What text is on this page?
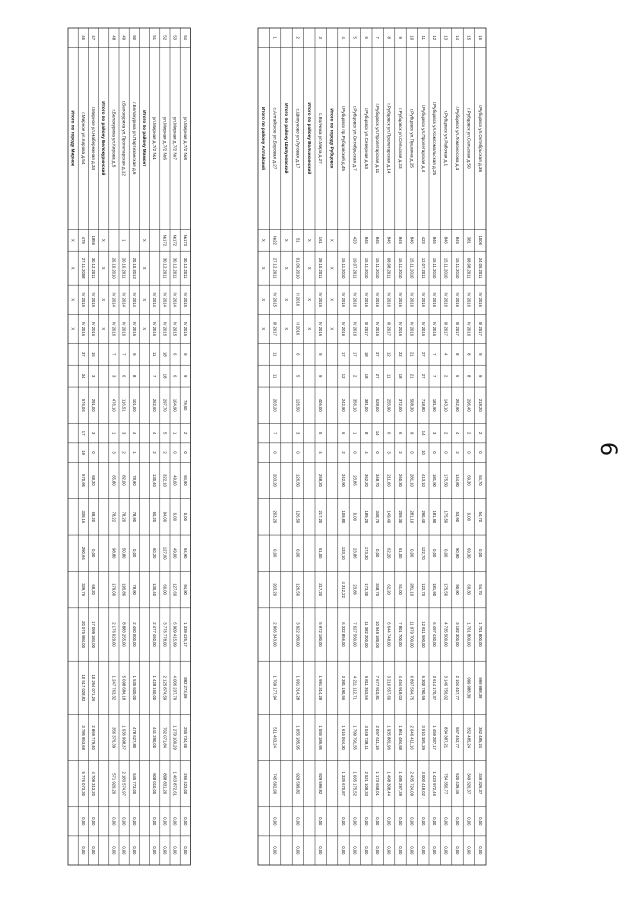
Итого по городу Мирное
X
X
X
X
46
г.Мирное ул.Кирова д.54
479
27.11.2008
IV 2015
IV 2016
37
34
576,06
17
19
570,96
339,16
290,66
339,76
20 075 984,00
10 517 028,82
3 786 953,68
5 776 073,30
0,00
0,00
47
г.Мирное ул.Набережная д.34
1856
30.12.2011
IV 2015
IV 2016
16
3
291,00
3
0
68,20
68,20
0,00
68,20
17 099 184,00
10 264 071,26
2 869 779,40
4 709 313,20
0,00
0,00
Итого по району Белокуринский
X
X
X
X
48
г.Белокуриха ул.Кирова д.5
20.10.2010
IV 2014
IV 2016
7
3
476,10
1
3
65,80
78,22
98,80
179,00
2 176 029,00
1 247 763,32
356 376,39
571 929,20
0,00
0,00
49
г.Белокуриха ул.Пролетарская д.12
1
20.10.2011
IV 2014
IV 2016
7
6
116,51
3
2
82,00
78,20
50,80
195,80
8 883 255,00
5 098 684,18
1 636 998,37
2 183 574,97
0,00
0,00
50
г.Белокуриха ул.Партизанская д.6
20.10.2013
IV 2014
IV 2016
9
8
101,00
4
1
78,90
78,90
0,00
78,90
2 460 000,00
1 535 600,00
478 627,80
545 773,00
0,00
0,00
Итого по району Мамонт
X
X
X
X
51
ул.Мирная д.7/2 №1
IV 2014
IV 2016
11
7
262,60
4
2
130,40
60,20
60,20
130,40
2 477 460,00
1 428 160,00
441 290,00
608 010,00
0,00
0,00
52
ул.Мирная д.7/2 №6
№172
30.12.2011
IV 2014
IV 2015
18
18
297,70
5
2
322,10
94,00
127,60
60,00
3 776 778,00
2 125 874,59
702 071,84
898 831,20
0,00
0,00
53
ул.Мирная д.7/2 №7
№172
30.12.2011
IV 2014
IV 2015
6
6
104,90
1
0
49,00
0,00
49,00
127,60
6 909 415,99
4 006 237,79
1 279 100,29
1 463 872,61
0,00
0,00
54
ул.Мирная д.7/2 №8
№173
30.12.2011
IV 2015
IV 2015
9
9
79,60
2
0
94,90
0,00
94,90
94,90
1 339 425,17
882 273,09
255 734,60
266 423,00
0,00
0,00
Итого по району Алтайский
X
X
X
X
1
с.Алтайское ул.Боровая д.27
№22
27.12.2011
IV 2015
III 2017
11
11
203,20
7
0
203,20
203,20
0,00
203,20
2 966 343,00
1 709 177,94
511 463,24
745 602,00
0,00
0,00
Итого по району Шипуновский
X
X
X
X
2
с.Шипуново ул.Луговая д.17
51
01.06.2010
II 2016
II 2016
6
5
126,50
3
0
126,50
126,50
0,00
126,50
3 922 180,00
1 991 314,28
1 055 185,95
929 599,82
0,00
0,00
Итого по району Волчихинский
X
X
X
X
3
с.Волчиха ул.Мира д.27
161
28.10.2011
IV 2015
IV 2016
9
9
406,00
5
4
268,20
217,20
51,00
217,20
5 972 180,00
1 991 314,28
1 055 185,95
929 599,82
0,00
0,00
Итого по городу Рубцовск
X
X
X
X
4
г.Рубцовск пр.Рубцовский д.45
15.11.2010
IV 2016
IV 2016
17
12
242,90
6
2
242,90
109,80
133,10
4 312,22
6 322 856,00
3 381 190,56
1 616 064,30
1 325 670,87
0,00
0,00
5
г.Рубцовск ул.Октябрьская д.7
423
19.07.2011
IV 2016
IV 2016
17
2
356,10
1
0
23,86
0,00
23,86
23,86
7 627 560,00
4 211 112,71
1 799 791,55
1 065 175,52
0,00
0,00
6
г.Рубцовск ул.Северная д.53
846
15.11.2010
IV 2016
III 2017
18
18
381,00
8
4
362,20
189,20
173,30
173,30
11 382 200,00
5 811 353,56
3 049 738,11
2 521 108,33
0,00
0,00
7
г.Рубцовск ул.Пролетарская д.11
846
15.11.2010
IV 2016
IV 2016
37
27
628,00
14
0
348,70
348,70
0,00
348,70
10 949 180,00
7 677 910,81
2 097 611,18
1 173 658,01
0,00
0,00
8
г.Рубцовск ул.Пролетарская д.14
846
08.08.2011
IV 2016
III 2017
12
11
255,90
6
3
211,60
149,40
62,20
62,20
6 644 748,00
3 210 557,60
1 935 881,96
1 498 308,44
0,00
0,00
9
г.Рубцовск ул.Сельская д.23
846
15.11.2010
IV 2016
IV 2016
22
18
372,00
6
2
260,30
209,30
51,00
51,00
7 801 700,00
4 454 918,03
1 861 484,58
1 485 297,39
0,00
0,00
10
г.Рубцовск ул.Пушкина д.15
846
15.11.2010
IV 2016
IV 2016
21
21
508,30
9
0
281,10
281,10
0,00
281,10
11 979 700,00
6 897 564,75
2 646 411,16
2 435 724,09
0,00
0,00
11
г.Рубцовск ул.Пролетарская д.4
423
12.07.2011
IV 2016
IV 2016
27
27
718,80
14
10
413,10
290,40
122,70
122,70
12 811 590,00
6 300 790,59
3 510 381,39
3 000 418,02
0,00
0,00
12
г.Рубцовск ул.Комсомольская д.25
846
15.11.2010
IV 2016
IV 2016
7
7
181,90
3
0
181,90
181,90
0,00
181,90
6 497 430,00
3 614 170,37
1 459 287,17
1 423 972,46
0,00
0,00
13
г.Рубцовск ул.Рабочая д.1
846
15.11.2010
IV 2016
III 2017
4
2
143,10
2
0
175,50
175,50
0,00
175,50
4 735 500,00
3 146 756,02
834 387,21
754 356,77
0,00
0,00
14
г.Рубцовск ул.Ломоносова д.3
846
15.11.2010
IV 2016
III 2017
8
6
262,90
4
2
144,80
53,90
90,90
90,90
3 182 300,00
2 104 407,77
557 452,77
520 439,46
0,00
0,00
15
г.Рубцовск ул.Сельская д.50
381
08.08.2011
IV 2016
IV 2016
8
8
296,40
2
0
69,30
0,00
69,30
69,30
1 701 800,00
999 988,39
352 485,24
349 326,37
0,00
0,00
16
г.Рубцовск ул.Октябрьская д.36
1006
24.05.2011
IV 2016
III 2017
9
9
218,20
2
0
54,70
54,70
0,00
54,70
1 701 800,00
999 988,39
352 485,24
349 326,37
0,00
0,00
6
